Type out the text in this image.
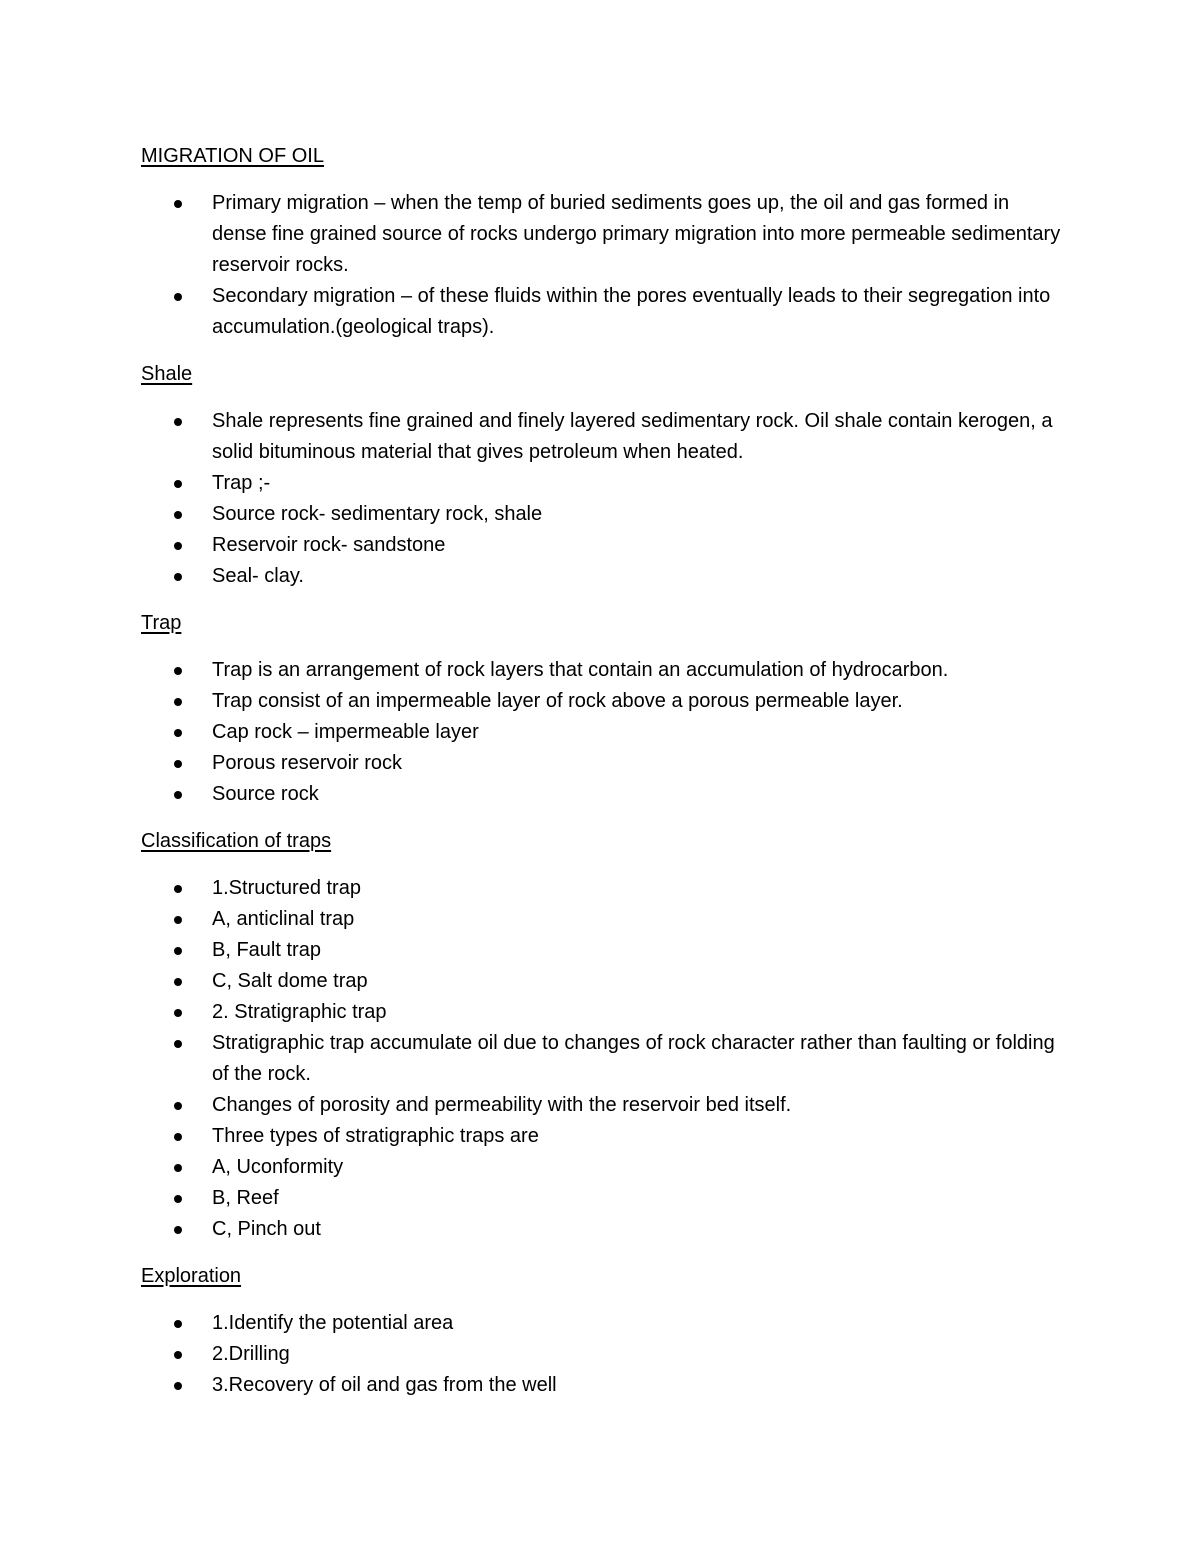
MIGRATION OF OIL
Primary migration – when the temp of buried sediments goes up, the oil and gas formed in dense fine grained source of rocks undergo primary migration into more permeable sedimentary reservoir rocks.
Secondary migration – of these fluids within the pores eventually leads to their segregation into accumulation.(geological traps).
Shale
Shale represents fine grained and finely layered sedimentary rock. Oil shale contain kerogen, a solid bituminous material that gives petroleum when heated.
Trap ;-
Source rock- sedimentary rock, shale
Reservoir rock- sandstone
Seal- clay.
Trap
Trap is an arrangement of rock layers that contain an accumulation of hydrocarbon.
Trap consist of an impermeable layer of rock above a porous permeable layer.
Cap rock – impermeable layer
Porous reservoir rock
Source rock
Classification of traps
1.Structured trap
A, anticlinal trap
B, Fault trap
C, Salt dome trap
2. Stratigraphic trap
Stratigraphic trap accumulate oil due to changes of rock character rather than faulting or folding of the rock.
Changes of porosity and permeability with the reservoir bed itself.
Three types of stratigraphic traps are
A, Uconformity
B, Reef
C, Pinch out
Exploration
1.Identify the potential area
2.Drilling
3.Recovery of oil and gas from the well
